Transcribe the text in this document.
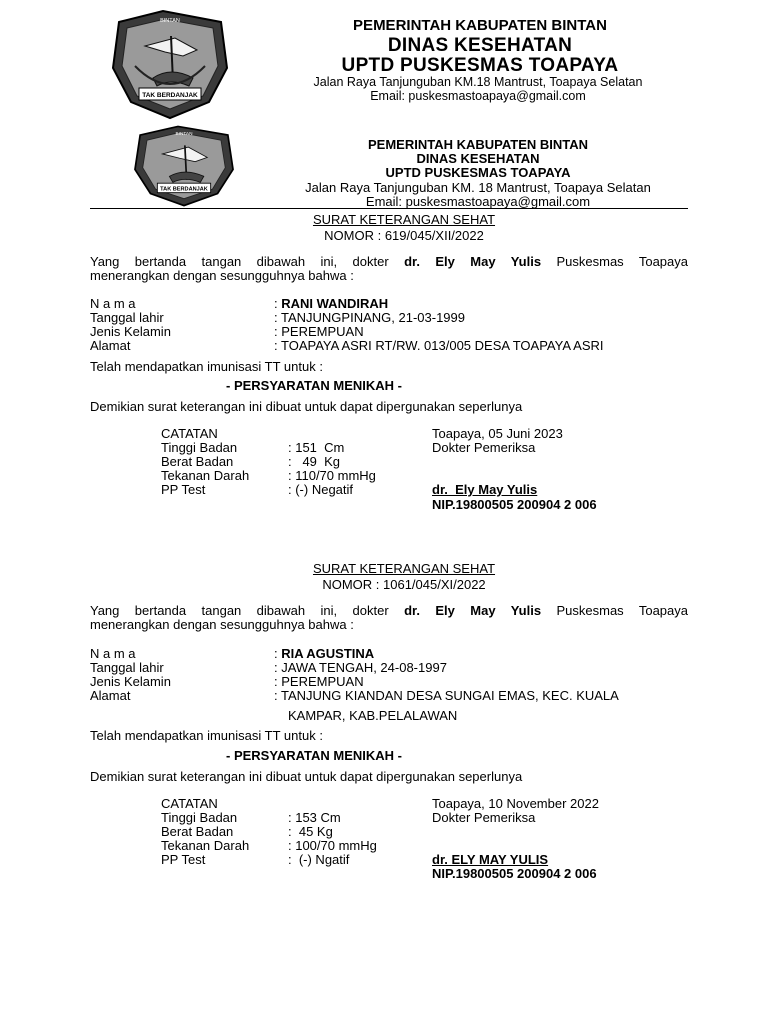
TAK BERDANJAK
BINTAN	PEMERINTAH KABUPATEN BINTAN
DINAS KESEHATAN
UPTD PUSKESMAS TOAPAYA
Jalan Raya Tanjunguban KM.18 Mantrust, Toapaya Selatan
Email: puskesmastoapaya@gmail.com
TAK BERDANJAK
BINTAN
PEMERINTAH KABUPATEN BINTAN
DINAS KESEHATAN
UPTD PUSKESMAS TOAPAYA
Jalan Raya Tanjunguban KM. 18 Mantrust, Toapaya Selatan
Email: puskesmastoapaya@gmail.com
SURAT KETERANGAN SEHAT
NOMOR : 619/045/XII/2022
Yang bertanda tangan dibawah ini, dokter dr. Ely May Yulis Puskesmas Toapaya
menerangkan dengan sesungguhnya bahwa :
N a m a
Tanggal lahir
Jenis Kelamin
Alamat
: RANI WANDIRAH
: TANJUNGPINANG, 21-03-1999
: PEREMPUAN
: TOAPAYA ASRI RT/RW. 013/005 DESA TOAPAYA ASRI
Telah mendapatkan imunisasi TT untuk :
- PERSYARATAN MENIKAH -
Demikian surat keterangan ini dibuat untuk dapat dipergunakan seperlunya
CATATAN
Tinggi Badan
Berat Badan
Tekanan Darah
PP Test
: 151  Cm
:   49  Kg
: 110/70 mmHg
: (-) Negatif
Toapaya, 05 Juni 2023
Dokter Pemeriksa
dr.  Ely May Yulis
NIP.19800505 200904 2 006
SURAT KETERANGAN SEHAT
NOMOR : 1061/045/XI/2022
Yang bertanda tangan dibawah ini, dokter dr. Ely May Yulis Puskesmas Toapaya
menerangkan dengan sesungguhnya bahwa :
N a m a
Tanggal lahir
Jenis Kelamin
Alamat
: RIA AGUSTINA
: JAWA TENGAH, 24-08-1997
: PEREMPUAN
: TANJUNG KIANDAN DESA SUNGAI EMAS, KEC. KUALA
KAMPAR, KAB.PELALAWAN
Telah mendapatkan imunisasi TT untuk :
- PERSYARATAN MENIKAH -
Demikian surat keterangan ini dibuat untuk dapat dipergunakan seperlunya
CATATAN
Tinggi Badan
Berat Badan
Tekanan Darah
PP Test
: 153 Cm
:  45 Kg
: 100/70 mmHg
:  (-) Ngatif
Toapaya, 10 November 2022
Dokter Pemeriksa
dr. ELY MAY YULIS
NIP.19800505 200904 2 006
